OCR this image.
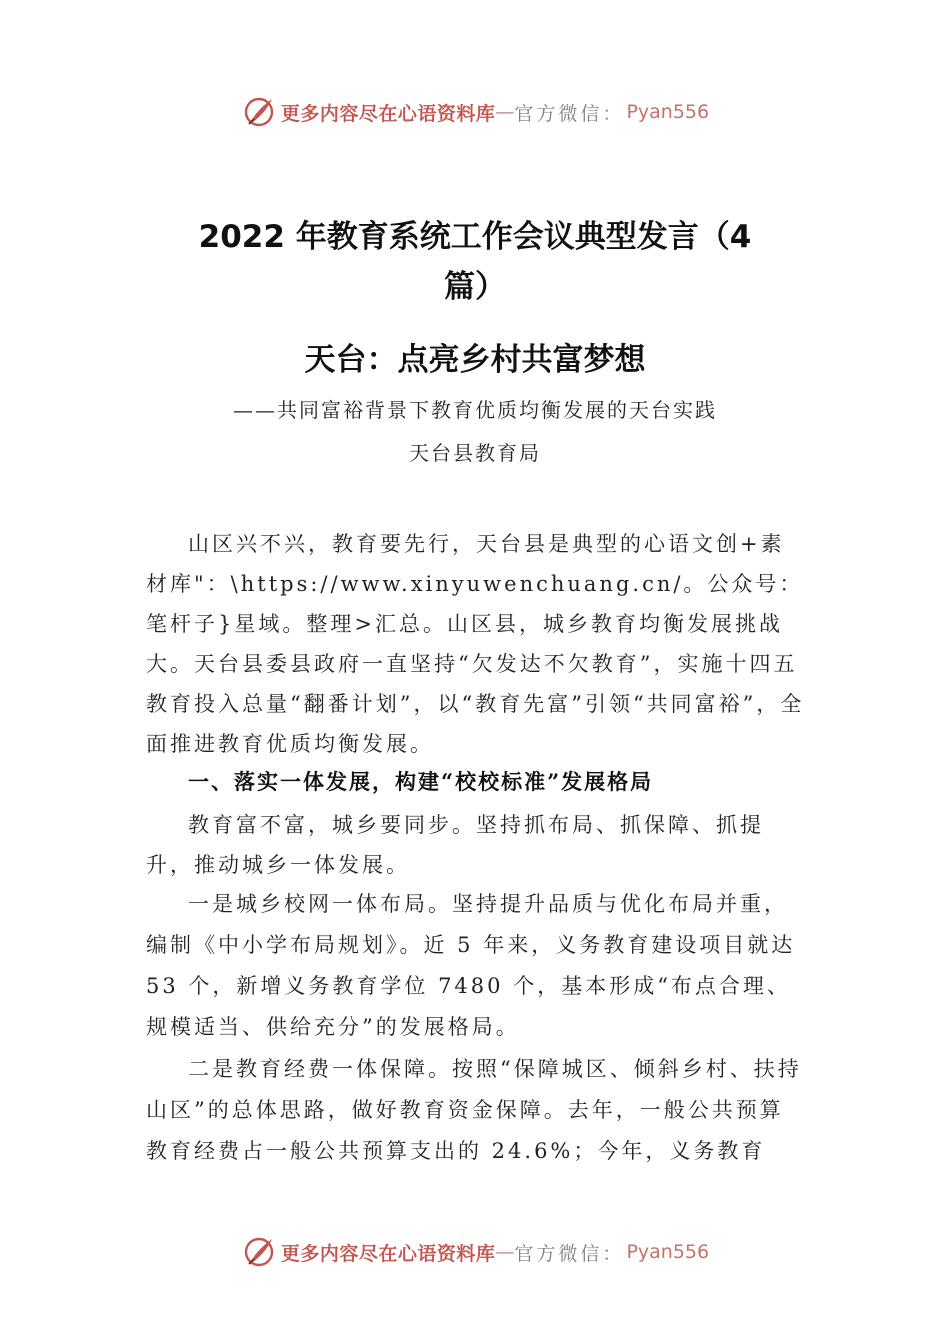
更多内容尽在心语资料库 — 官方微信： Pyan556
2022 年教育系统工作会议典型发言（4
篇）
天台：点亮乡村共富梦想

——共同富裕背景下教育优质均衡发展的天台实践

天台县教育局

山区兴不兴，教育要先行，天台县是典型的心语文创+素材库"：\https://www.xinyuwenchuang.cn/。公众号：笔杆子}星域。整理>汇总。山区县，城乡教育均衡发展挑战大。天台县委县政府一直坚持“欠发达不欠教育”，实施十四五教育投入总量“翻番计划”，以“教育先富”引领“共同富裕”，全面推进教育优质均衡发展。

一、落实一体发展，构建“校校标准”发展格局

教育富不富，城乡要同步。坚持抓布局、抓保障、抓提升，推动城乡一体发展。

一是城乡校网一体布局。坚持提升品质与优化布局并重，编制《中小学布局规划》。近 5 年来，义务教育建设项目就达 53 个，新增义务教育学位 7480 个，基本形成“布点合理、规模适当、供给充分”的发展格局。

二是教育经费一体保障。按照“保障城区、倾斜乡村、扶持山区”的总体思路，做好教育资金保障。去年，一般公共预算教育经费占一般公共预算支出的 24.6%；今年，义务教育

更多内容尽在心语资料库 — 官方微信： Pyan556
